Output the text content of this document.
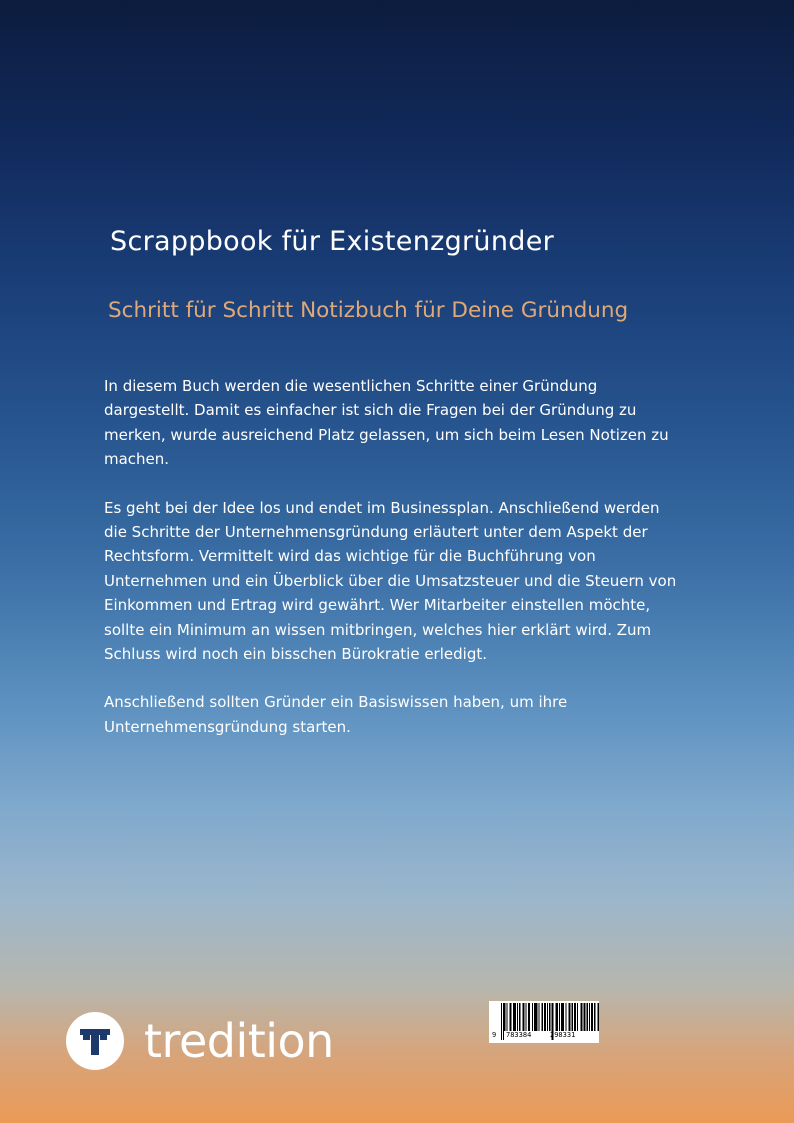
Scrappbook für Existenzgründer
Schritt für Schritt Notizbuch für Deine Gründung

In diesem Buch werden die wesentlichen Schritte einer Gründung
dargestellt. Damit es einfacher ist sich die Fragen bei der Gründung zu
merken, wurde ausreichend Platz gelassen, um sich beim Lesen Notizen zu
machen.

Es geht bei der Idee los und endet im Businessplan. Anschließend werden
die Schritte der Unternehmensgründung erläutert unter dem Aspekt der
Rechtsform. Vermittelt wird das wichtige für die Buchführung von
Unternehmen und ein Überblick über die Umsatzsteuer und die Steuern von
Einkommen und Ertrag wird gewährt. Wer Mitarbeiter einstellen möchte,
sollte ein Minimum an wissen mitbringen, welches hier erklärt wird. Zum
Schluss wird noch ein bisschen Bürokratie erledigt.

Anschließend sollten Gründer ein Basiswissen haben, um ihre
Unternehmensgründung starten.

tredition	9 783384	298331
